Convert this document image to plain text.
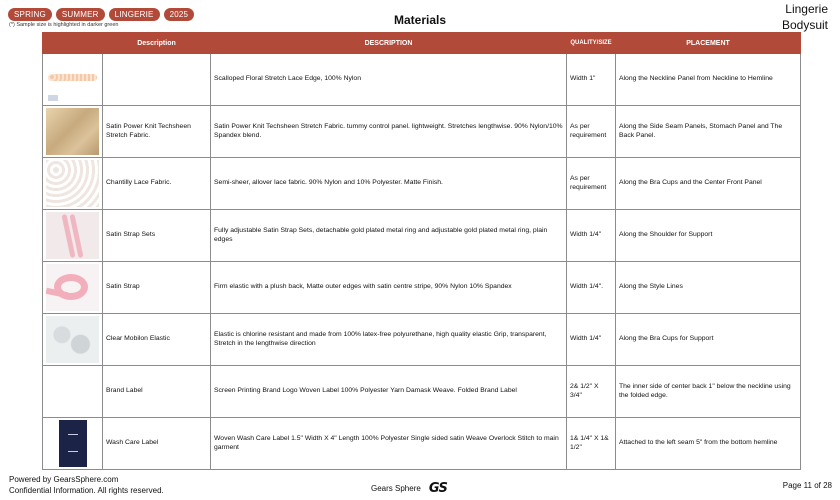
SPRING	SUMMER	LINGERIE	2025
(*) Sample size is highlighted in darker green	Materials
Lingerie
Bodysuit
	Description	DESCRIPTION	QUALITY/SIZE	PLACEMENT

		Scalloped Floral Stretch Lace Edge, 100% Nylon	Width 1"	Along the Neckline Panel from Neckline to Hemline

	Satin Power Knit Techsheen Stretch Fabric.	Satin Power Knit Techsheen Stretch Fabric. tummy control panel. lightweight. Stretches lengthwise. 90% Nylon/10% Spandex blend.	As per requirement	Along the Side Seam Panels, Stomach Panel and The Back Panel.

	Chantilly Lace Fabric.	Semi-sheer, allover lace fabric. 90% Nylon and 10% Polyester. Matte Finish.	As per requirement	Along the Bra Cups and the Center Front Panel

	Satin Strap Sets	Fully adjustable Satin Strap Sets, detachable gold plated metal ring and adjustable gold plated metal ring, plain edges	Width 1/4"	Along the Shoulder for Support

	Satin Strap	Firm elastic with a plush back, Matte outer edges with satin centre stripe, 90% Nylon 10% Spandex	Width 1/4".	Along the Style Lines

	Clear Mobilon Elastic	Elastic is chlorine resistant and made from 100% latex-free polyurethane, high quality elastic Grip, transparent, Stretch in the lengthwise direction	Width 1/4"	Along the Bra Cups for Support
	Brand Label	Screen Printing Brand Logo Woven Label 100% Polyester Yarn Damask Weave. Folded Brand Label	2& 1/2" X 3/4"	The inner side of center back 1" below the neckline using the folded edge.

	Wash Care Label	Woven Wash Care Label 1.5" Width X 4" Length 100% Polyester Single sided satin Weave Overlock Stitch to main garment	1& 1/4" X 1& 1/2"	Attached to the left seam 5" from the bottom hemline
Powered by GearsSphere.com
Confidential Information. All rights reserved.	Gears Sphere GS	Page 11 of 28
